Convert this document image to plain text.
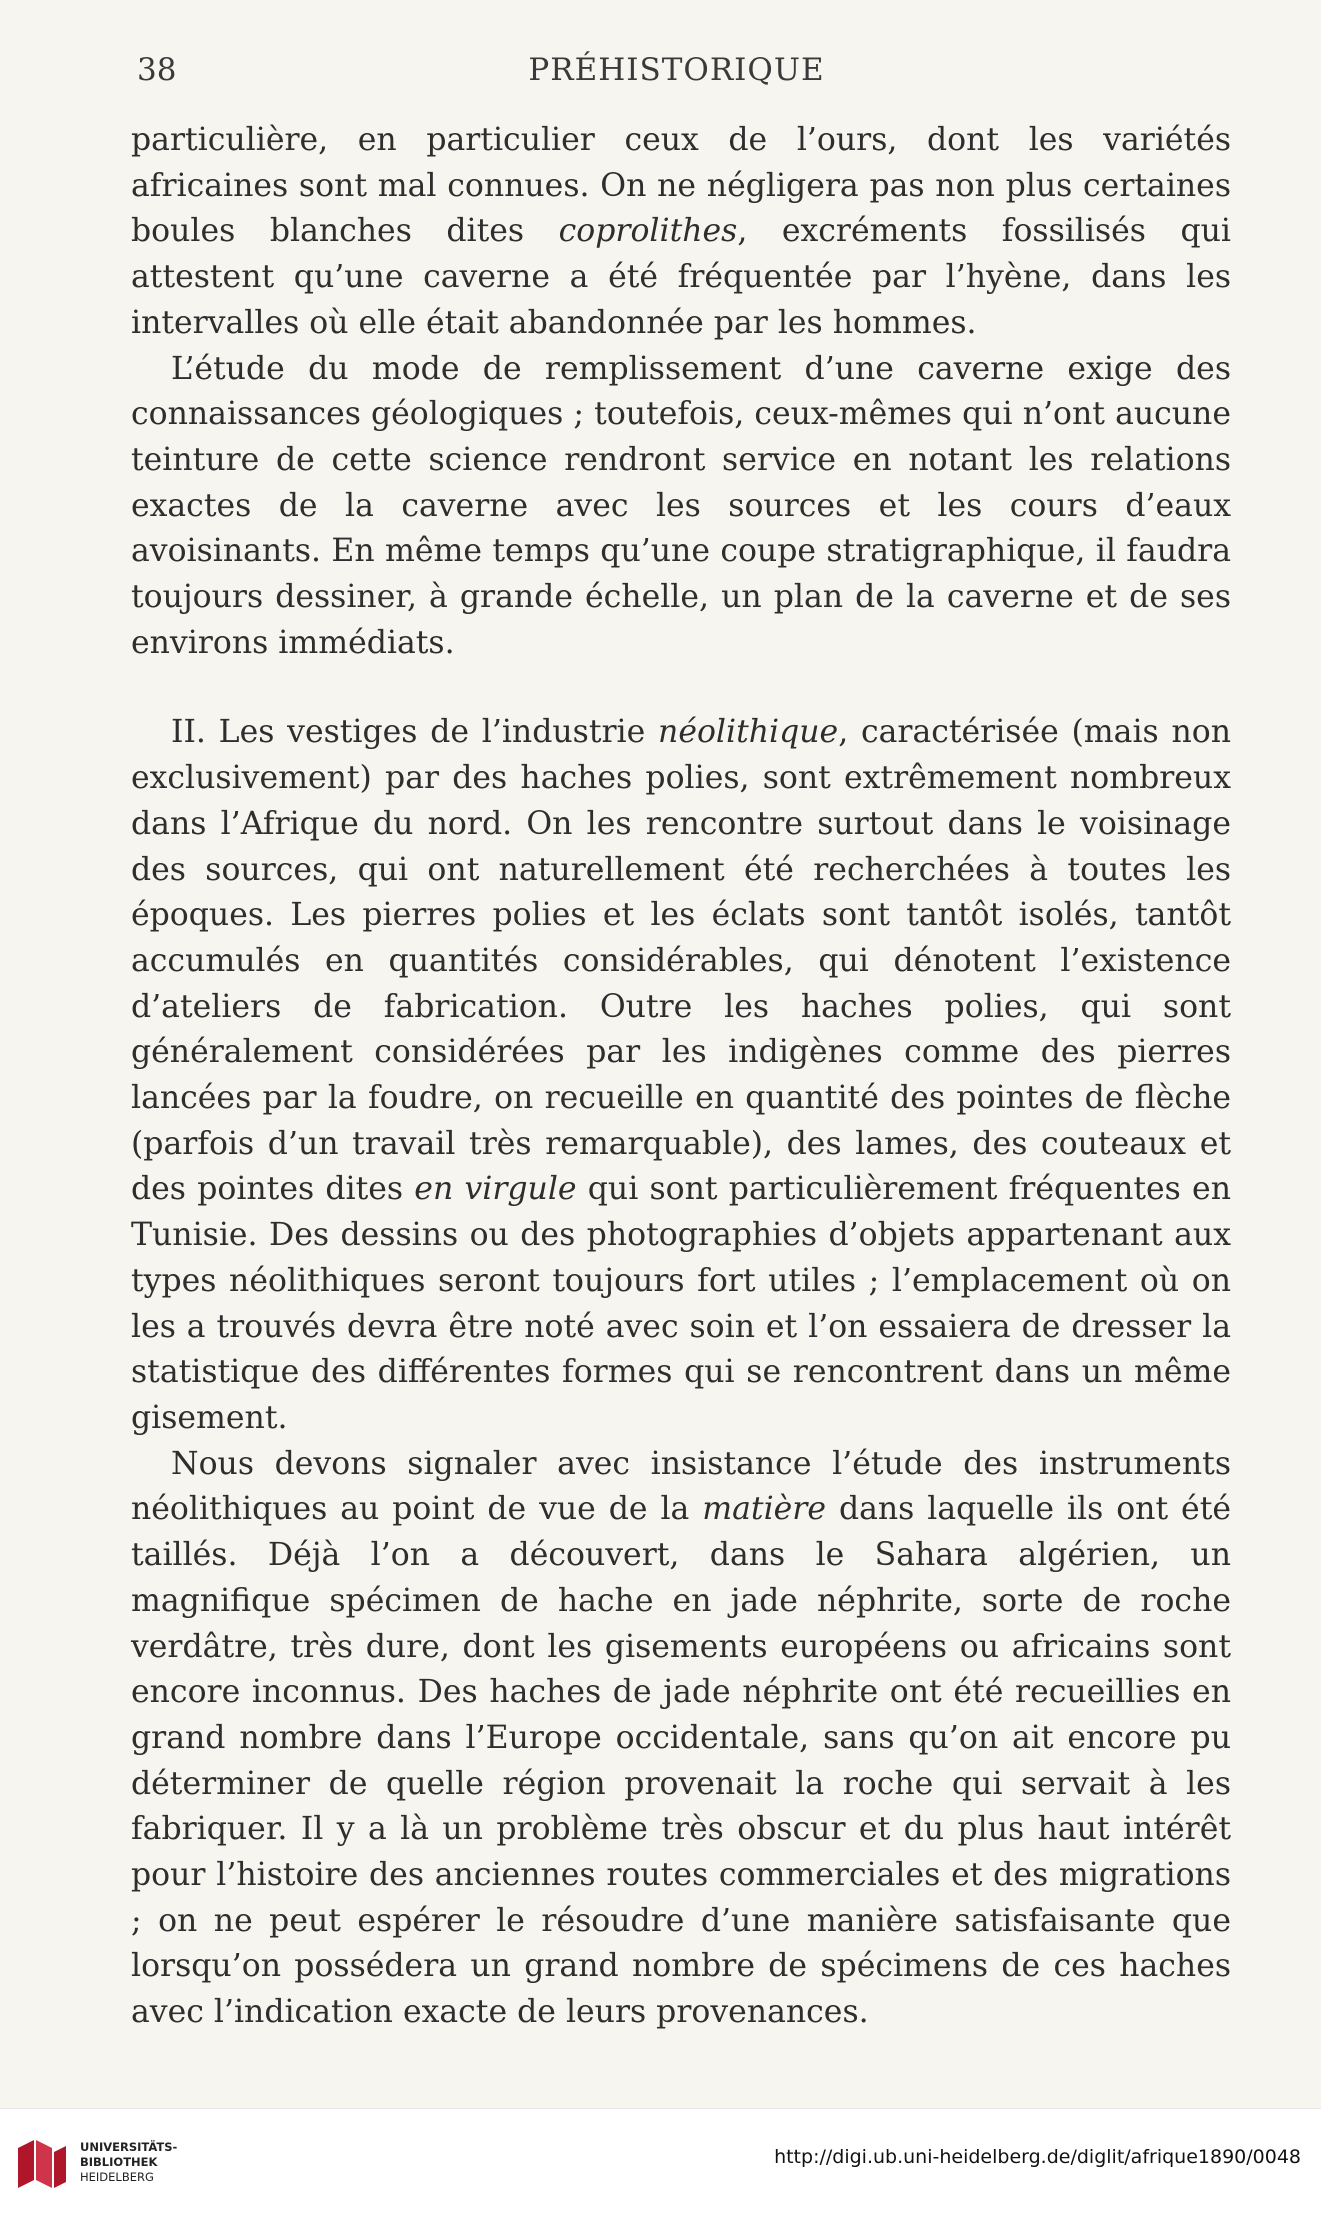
38	PRÉHISTORIQUE

particulière, en particulier ceux de l’ours, dont les variétés africaines sont mal connues. On ne négligera pas non plus certaines boules blanches dites coprolithes, excréments fossilisés qui attestent qu’une caverne a été fréquentée par l’hyène, dans les intervalles où elle était abandonnée par les hommes.

L’étude du mode de remplissement d’une caverne exige des connaissances géologiques ; toutefois, ceux-mêmes qui n’ont aucune teinture de cette science rendront service en notant les relations exactes de la caverne avec les sources et les cours d’eaux avoisinants. En même temps qu’une coupe stratigraphique, il faudra toujours dessiner, à grande échelle, un plan de la caverne et de ses environs immédiats.

II. Les vestiges de l’industrie néolithique, caractérisée (mais non exclusivement) par des haches polies, sont extrêmement nombreux dans l’Afrique du nord. On les rencontre surtout dans le voisinage des sources, qui ont naturellement été recherchées à toutes les époques. Les pierres polies et les éclats sont tantôt isolés, tantôt accumulés en quantités considérables, qui dénotent l’existence d’ateliers de fabrication. Outre les haches polies, qui sont généralement considérées par les indigènes comme des pierres lancées par la foudre, on recueille en quantité des pointes de flèche (parfois d’un travail très remarquable), des lames, des couteaux et des pointes dites en virgule qui sont particulièrement fréquentes en Tunisie. Des dessins ou des photographies d’objets appartenant aux types néolithiques seront toujours fort utiles ; l’emplacement où on les a trouvés devra être noté avec soin et l’on essaiera de dresser la statistique des différentes formes qui se rencontrent dans un même gisement.

Nous devons signaler avec insistance l’étude des instruments néolithiques au point de vue de la matière dans laquelle ils ont été taillés. Déjà l’on a découvert, dans le Sahara algérien, un magnifique spécimen de hache en jade néphrite, sorte de roche verdâtre, très dure, dont les gisements européens ou africains sont encore inconnus. Des haches de jade néphrite ont été recueillies en grand nombre dans l’Europe occidentale, sans qu’on ait encore pu déterminer de quelle région provenait la roche qui servait à les fabriquer. Il y a là un problème très obscur et du plus haut intérêt pour l’histoire des anciennes routes commerciales et des migrations ; on ne peut espérer le résoudre d’une manière satisfaisante que lorsqu’on possédera un grand nombre de spécimens de ces haches avec l’indication exacte de leurs provenances.

UNIVERSITÄTS-
BIBLIOTHEK
HEIDELBERG
http://digi.ub.uni-heidelberg.de/diglit/afrique1890/0048
